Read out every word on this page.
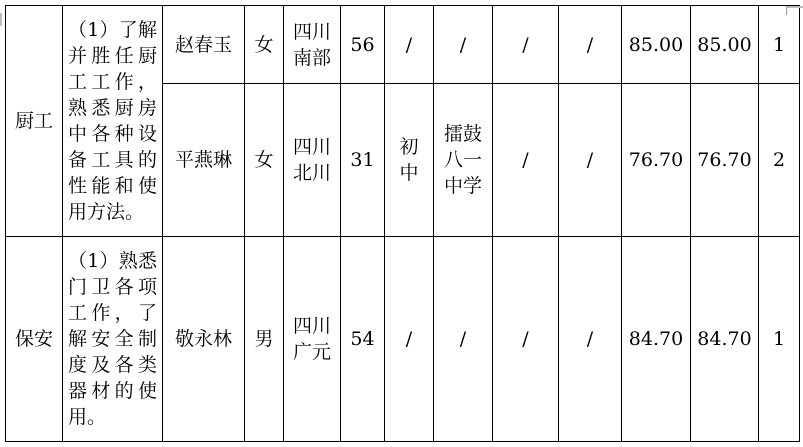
厨工	（1）了解并胜任厨工工作，熟悉厨房中各种设备工具的性能和使用方法。	赵春玉	女	四川南部	56	/	/	/	/	85.00	85.00	1
		平燕琳	女	四川北川	31	初中	擂鼓八一中学	/	/	76.70	76.70	2
保安	（1）熟悉门卫各项工作，了解安全制度及各类器材的使用。	敬永林	男	四川广元	54	/	/	/	/	84.70	84.70	1
